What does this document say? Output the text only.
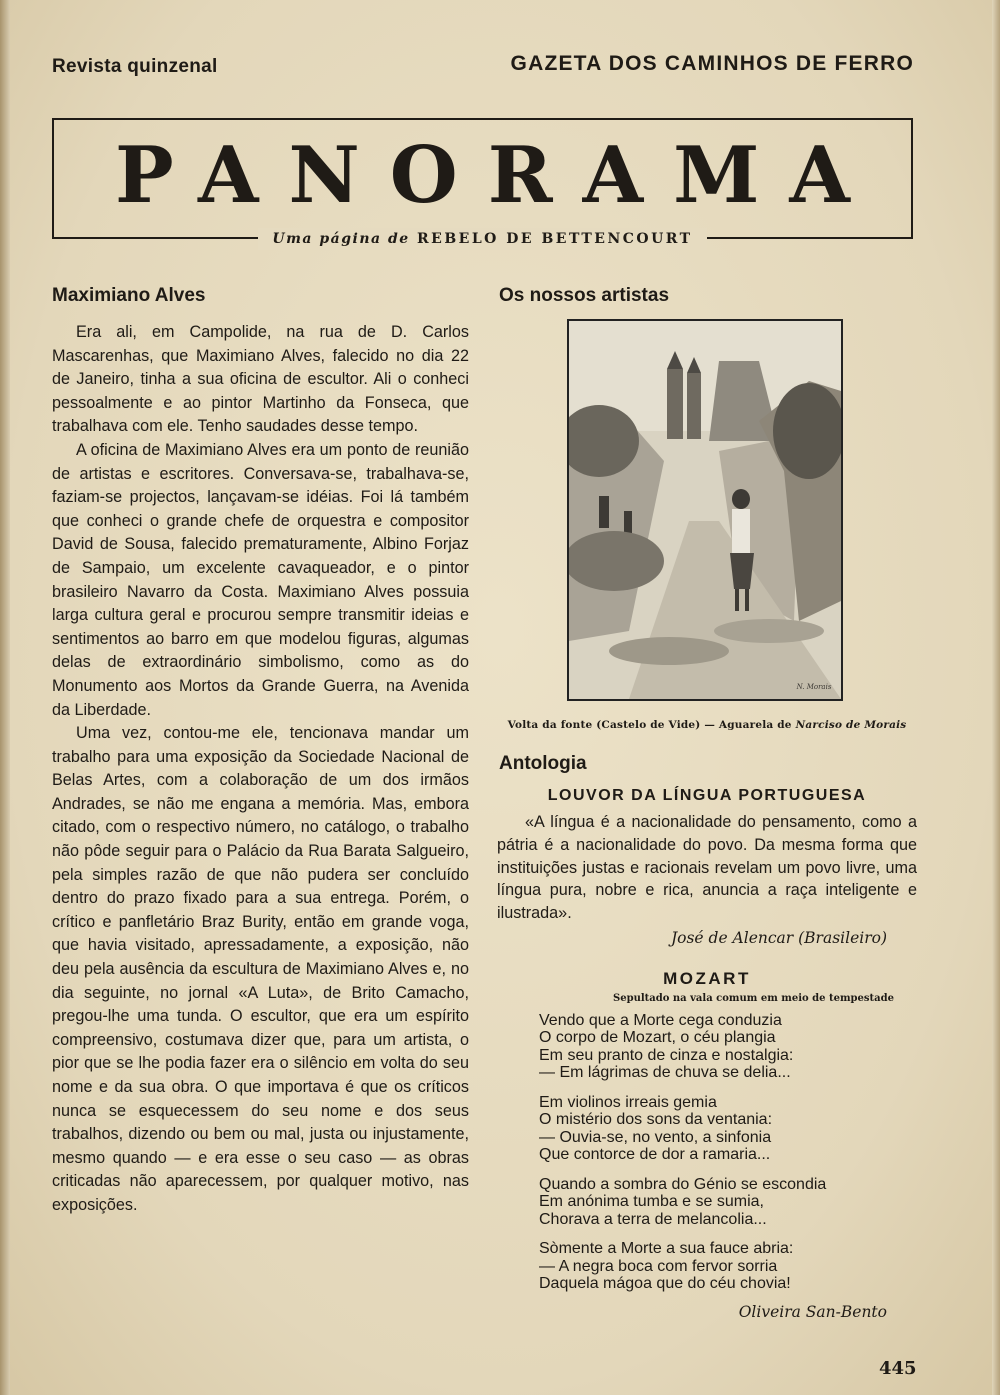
Revista quinzenal	GAZETA DOS CAMINHOS DE FERRO
PANORAMA
Uma página de REBELO DE BETTENCOURT
Maximiano Alves

Era ali, em Campolide, na rua de D. Carlos Mascarenhas, que Maximiano Alves, falecido no dia 22 de Janeiro, tinha a sua oficina de escultor. Ali o conheci pessoalmente e ao pintor Martinho da Fonseca, que trabalhava com ele. Tenho saudades desse tempo.

A oficina de Maximiano Alves era um ponto de reunião de artistas e escritores. Conversava-se, trabalhava-se, faziam-se projectos, lançavam-se idéias. Foi lá também que conheci o grande chefe de orquestra e compositor David de Sousa, falecido prematuramente, Albino Forjaz de Sampaio, um excelente cavaqueador, e o pintor brasileiro Navarro da Costa. Maximiano Alves possuia larga cultura geral e procurou sempre transmitir ideias e sentimentos ao barro em que modelou figuras, algumas delas de extraordinário simbolismo, como as do Monumento aos Mortos da Grande Guerra, na Avenida da Liberdade.

Uma vez, contou-me ele, tencionava mandar um trabalho para uma exposição da Sociedade Nacional de Belas Artes, com a colaboração de um dos irmãos Andrades, se não me engana a memória. Mas, embora citado, com o respectivo número, no catálogo, o trabalho não pôde seguir para o Palácio da Rua Barata Salgueiro, pela simples razão de que não pudera ser concluído dentro do prazo fixado para a sua entrega. Porém, o crítico e panfletário Braz Burity, então em grande voga, que havia visitado, apressadamente, a exposição, não deu pela ausência da escultura de Maximiano Alves e, no dia seguinte, no jornal «A Luta», de Brito Camacho, pregou-lhe uma tunda. O escultor, que era um espírito compreensivo, costumava dizer que, para um artista, o pior que se lhe podia fazer era o silêncio em volta do seu nome e da sua obra. O que importava é que os críticos nunca se esquecessem do seu nome e dos seus trabalhos, dizendo ou bem ou mal, justa ou injustamente, mesmo quando — e era esse o seu caso — as obras criticadas não aparecessem, por qualquer motivo, nas exposições.

Os nossos artistas
N. Morais
Volta da fonte (Castelo de Vide) — Aguarela de Narciso de Morais
Antologia
LOUVOR DA LÍNGUA PORTUGUESA

«A língua é a nacionalidade do pensamento, como a pátria é a nacionalidade do povo. Da mesma forma que instituições justas e racionais revelam um povo livre, uma língua pura, nobre e rica, anuncia a raça inteligente e ilustrada».

José de Alencar (Brasileiro)
MOZART
Sepultado na vala comum em meio de tempestade
Vendo que a Morte cega conduzia
O corpo de Mozart, o céu plangia
Em seu pranto de cinza e nostalgia:
— Em lágrimas de chuva se delia...
Em violinos irreais gemia
O mistério dos sons da ventania:
— Ouvia-se, no vento, a sinfonia
Que contorce de dor a ramaria...
Quando a sombra do Génio se escondia
Em anónima tumba e se sumia,
Chorava a terra de melancolia...
Sòmente a Morte a sua fauce abria:
— A negra boca com fervor sorria
Daquela mágoa que do céu chovia!
Oliveira San-Bento
445
